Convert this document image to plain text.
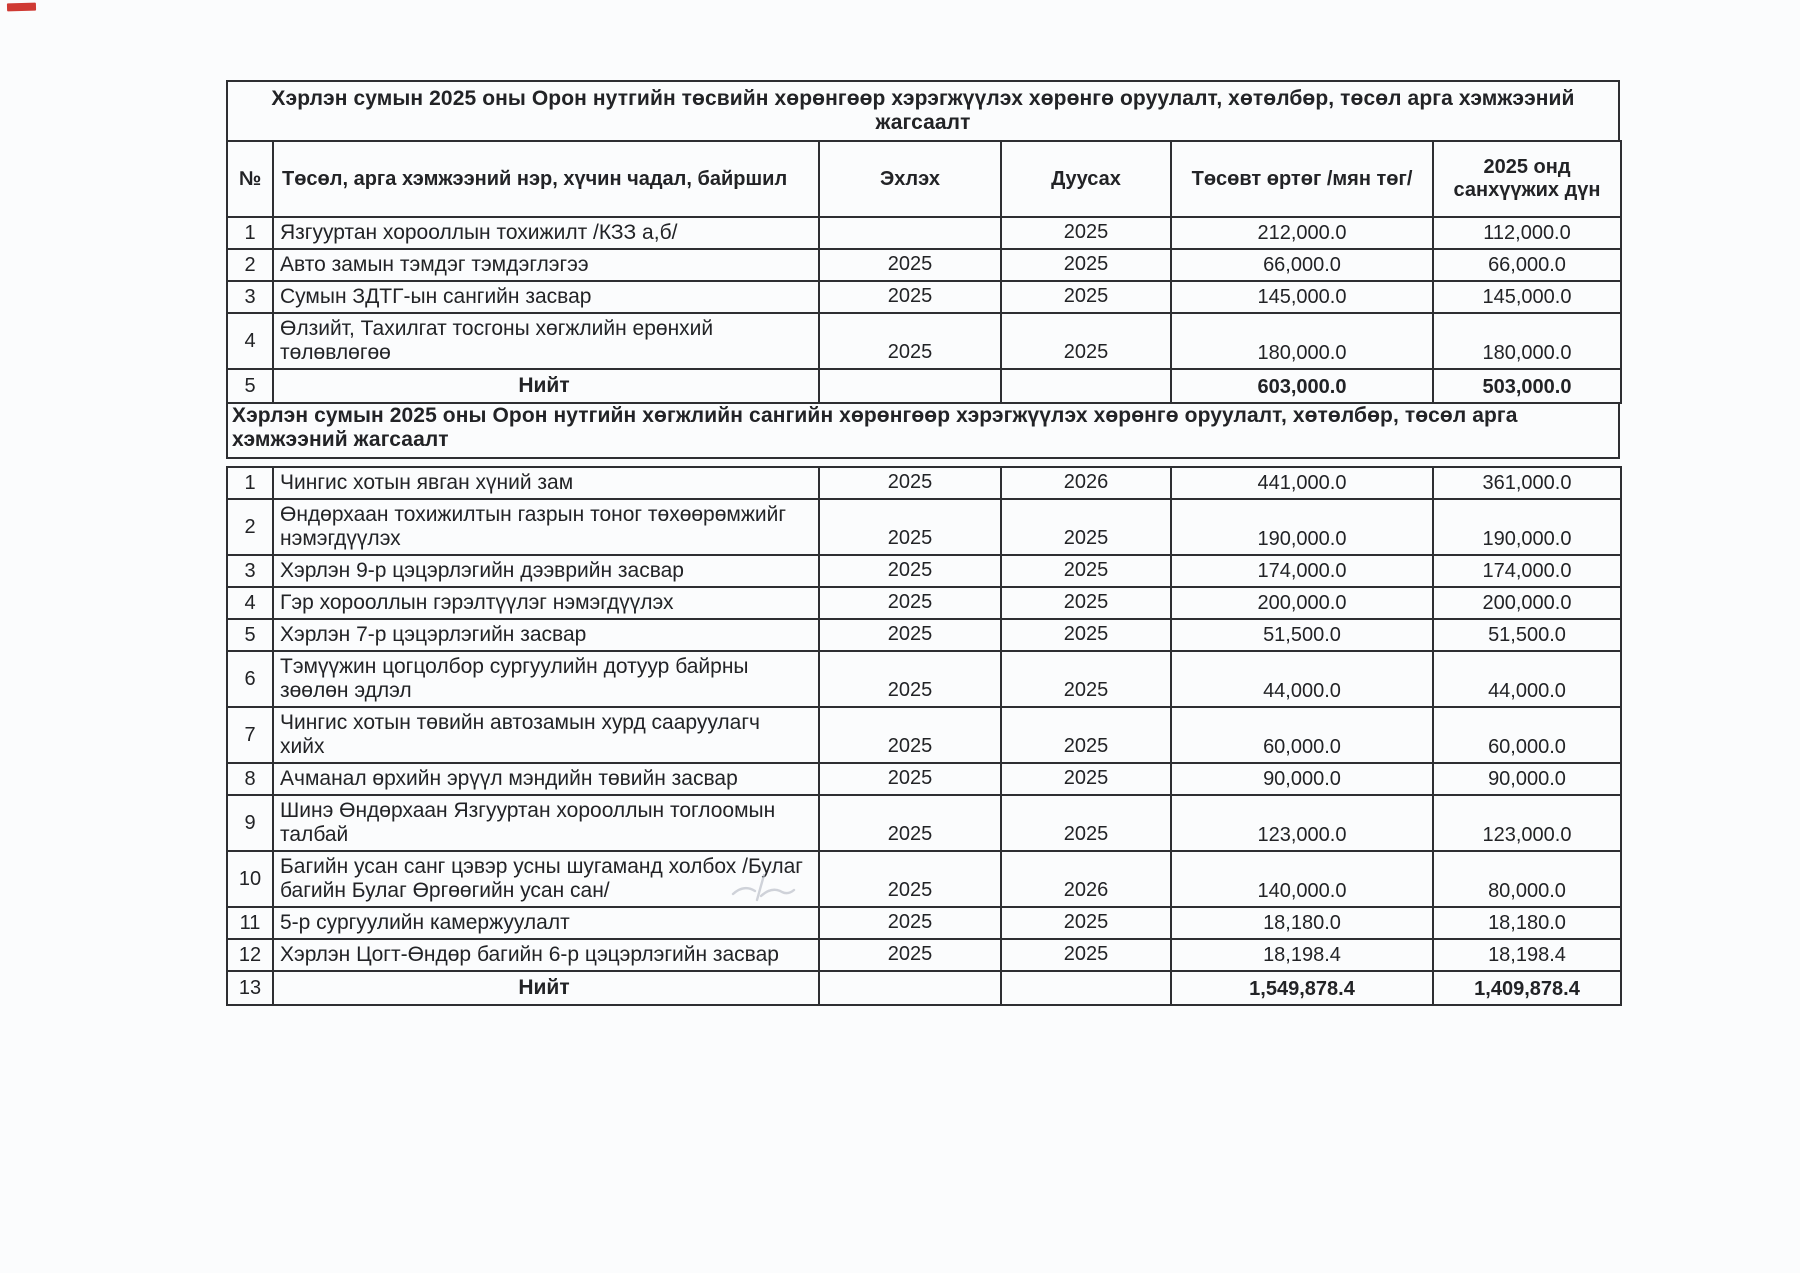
Хэрлэн сумын 2025 оны Орон нутгийн төсвийн хөрөнгөөр хэрэгжүүлэх хөрөнгө оруулалт, хөтөлбөр, төсөл арга хэмжээний жагсаалт
№	Төсөл, арга хэмжээний нэр, хүчин чадал, байршил	Эхлэх	Дуусах	Төсөвт өртөг /мян төг/	2025 онд санхүүжих дүн
1	Язгууртан хорооллын тохижилт /КЗЗ а,б/		2025	212,000.0	112,000.0
2	Авто замын тэмдэг тэмдэглэгээ	2025	2025	66,000.0	66,000.0
3	Сумын ЗДТГ-ын сангийн засвар	2025	2025	145,000.0	145,000.0
4	Өлзийт, Тахилгат тосгоны хөгжлийн ерөнхий төлөвлөгөө	2025	2025	180,000.0	180,000.0
5	Нийт			603,000.0	503,000.0
Хэрлэн сумын 2025 оны Орон нутгийн хөгжлийн сангийн хөрөнгөөр хэрэгжүүлэх хөрөнгө оруулалт, хөтөлбөр, төсөл арга хэмжээний жагсаалт
1	Чингис хотын явган хүний зам	2025	2026	441,000.0	361,000.0
2	Өндөрхаан тохижилтын газрын тоног төхөөрөмжийг нэмэгдүүлэх	2025	2025	190,000.0	190,000.0
3	Хэрлэн 9-р цэцэрлэгийн дээврийн засвар	2025	2025	174,000.0	174,000.0
4	Гэр хорооллын гэрэлтүүлэг нэмэгдүүлэх	2025	2025	200,000.0	200,000.0
5	Хэрлэн 7-р цэцэрлэгийн засвар	2025	2025	51,500.0	51,500.0
6	Тэмүүжин цогцолбор сургуулийн дотуур байрны зөөлөн эдлэл	2025	2025	44,000.0	44,000.0
7	Чингис хотын төвийн автозамын хурд сааруулагч хийх	2025	2025	60,000.0	60,000.0
8	Ачманал өрхийн эрүүл мэндийн төвийн засвар	2025	2025	90,000.0	90,000.0
9	Шинэ Өндөрхаан Язгууртан хорооллын тоглоомын талбай	2025	2025	123,000.0	123,000.0
10	Багийн усан санг цэвэр усны шугаманд холбох /Булаг багийн Булаг Өргөөгийн усан сан/	2025	2026	140,000.0	80,000.0
11	5-р сургуулийн камержуулалт	2025	2025	18,180.0	18,180.0
12	Хэрлэн Цогт-Өндөр багийн 6-р цэцэрлэгийн засвар	2025	2025	18,198.4	18,198.4
13	Нийт			1,549,878.4	1,409,878.4
